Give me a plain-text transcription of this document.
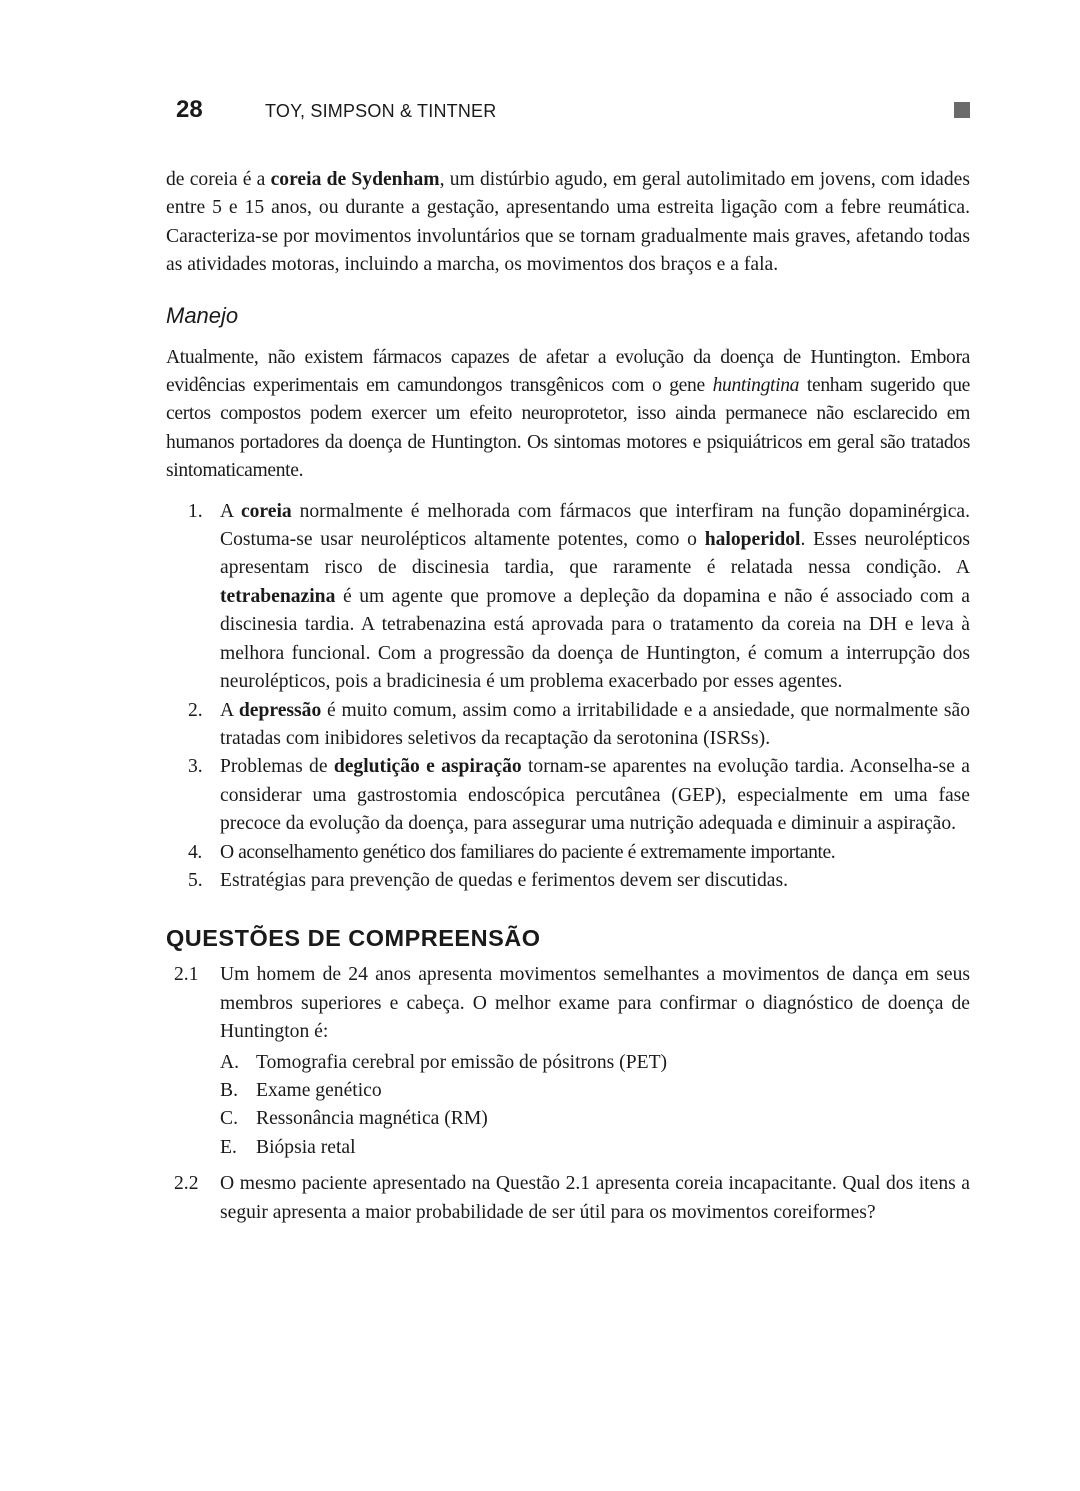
28	TOY, SIMPSON & TINTNER

de coreia é a coreia de Sydenham, um distúrbio agudo, em geral autolimitado em jovens, com idades entre 5 e 15 anos, ou durante a gestação, apresentando uma estreita ligação com a febre reumática. Caracteriza-se por movimentos involuntários que se tornam gradualmente mais graves, afetando todas as atividades motoras, incluindo a marcha, os movimentos dos braços e a fala.

Manejo

Atualmente, não existem fármacos capazes de afetar a evolução da doença de Huntington. Embora evidências experimentais em camundongos transgênicos com o gene huntingtina tenham sugerido que certos compostos podem exercer um efeito neuroprotetor, isso ainda permanece não esclarecido em humanos portadores da doença de Huntington. Os sintomas motores e psiquiátricos em geral são tratados sintomaticamente.

1. A coreia normalmente é melhorada com fármacos que interfiram na função dopaminérgica. Costuma-se usar neurolépticos altamente potentes, como o haloperidol. Esses neurolépticos apresentam risco de discinesia tardia, que raramente é relatada nessa condição. A tetrabenazina é um agente que promove a depleção da dopamina e não é associado com a discinesia tardia. A tetrabenazina está aprovada para o tratamento da coreia na DH e leva à melhora funcional. Com a progressão da doença de Huntington, é comum a interrupção dos neurolépticos, pois a bradicinesia é um problema exacerbado por esses agentes.
2. A depressão é muito comum, assim como a irritabilidade e a ansiedade, que normalmente são tratadas com inibidores seletivos da recaptação da serotonina (ISRSs).
3. Problemas de deglutição e aspiração tornam-se aparentes na evolução tardia. Aconselha-se a considerar uma gastrostomia endoscópica percutânea (GEP), especialmente em uma fase precoce da evolução da doença, para assegurar uma nutrição adequada e diminuir a aspiração.
4. O aconselhamento genético dos familiares do paciente é extremamente importante.
5. Estratégias para prevenção de quedas e ferimentos devem ser discutidas.
QUESTÕES DE COMPREENSÃO
2.1 Um homem de 24 anos apresenta movimentos semelhantes a movimentos de dança em seus membros superiores e cabeça. O melhor exame para confirmar o diagnóstico de doença de Huntington é:

A. Tomografia cerebral por emissão de pósitrons (PET)
B. Exame genético
C. Ressonância magnética (RM)
E. Biópsia retal
2.2 O mesmo paciente apresentado na Questão 2.1 apresenta coreia incapacitante. Qual dos itens a seguir apresenta a maior probabilidade de ser útil para os movimentos coreiformes?
